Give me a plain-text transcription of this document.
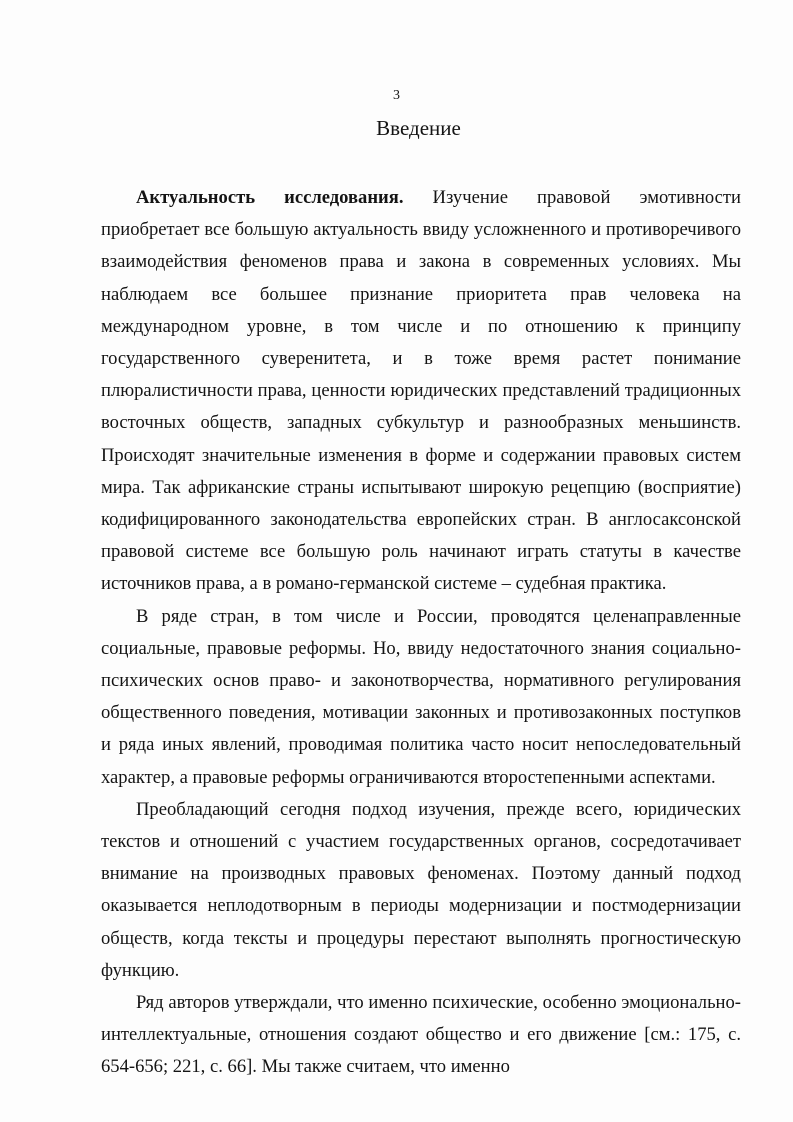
3
Введение

Актуальность исследования. Изучение правовой эмотивности приобретает все большую актуальность ввиду усложненного и противоречивого взаимодействия феноменов права и закона в современных условиях. Мы наблюдаем все большее признание приоритета прав человека на международном уровне, в том числе и по отношению к принципу государственного суверенитета, и в тоже время растет понимание плюралистичности права, ценности юридических представлений традиционных восточных обществ, западных субкультур и разнообразных меньшинств. Происходят значительные изменения в форме и содержании правовых систем мира. Так африканские страны испытывают широкую рецепцию (восприятие) кодифицированного законодательства европейских стран. В англосаксонской правовой системе все большую роль начинают играть статуты в качестве источников права, а в романо-германской системе – судебная практика.

В ряде стран, в том числе и России, проводятся целенаправленные социальные, правовые реформы. Но, ввиду недостаточного знания социально-психических основ право- и законотворчества, нормативного регулирования общественного поведения, мотивации законных и противозаконных поступков и ряда иных явлений, проводимая политика часто носит непоследовательный характер, а правовые реформы ограничиваются второстепенными аспектами.

Преобладающий сегодня подход изучения, прежде всего, юридических текстов и отношений с участием государственных органов, сосредотачивает внимание на производных правовых феноменах. Поэтому данный подход оказывается неплодотворным в периоды модернизации и постмодернизации обществ, когда тексты и процедуры перестают выполнять прогностическую функцию.

Ряд авторов утверждали, что именно психические, особенно эмоционально-интеллектуальные, отношения создают общество и его движение [см.: 175, с. 654-656; 221, с. 66]. Мы также считаем, что именно
